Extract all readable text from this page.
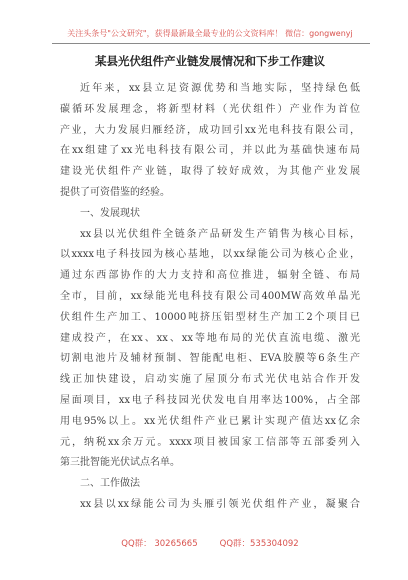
关注头条号"公文研究"，获得最新最全最专业的公文资料库！ 微信：gongwenyj
某县光伏组件产业链发展情况和下步工作建议
近年来，xx县立足资源优势和当地实际，坚持绿色低
碳循环发展理念，将新型材料（光伏组件）产业作为首位
产业，大力发展归雁经济，成功回引xx光电科技有限公司，
在xx组建了xx光电科技有限公司，并以此为基础快速布局
建设光伏组件产业链，取得了较好成效，为其他产业发展
提供了可资借鉴的经验。
一、发展现状
xx县以光伏组件全链条产品研发生产销售为核心目标，
以xxxx电子科技园为核心基地，以xx绿能公司为核心企业，
通过东西部协作的大力支持和高位推进，辐射全链、布局
全市，目前，xx绿能光电科技有限公司400MW高效单晶光
伏组件生产加工、10000吨挤压铝型材生产加工2个项目已
建成投产，在xx、xx、xx等地布局的光伏直流电缆、激光
切割电池片及辅材预制、智能配电柜、EVA胶膜等6条生产
线正加快建设，启动实施了屋顶分布式光伏电站合作开发
屋面项目，xx电子科技园光伏发电自用率达100%，占全部
用电95%以上。xx光伏组件产业已累计实现产值达xx亿余
元，纳税xx余万元。xxxx项目被国家工信部等五部委列入
第三批智能光伏试点名单。
二、工作做法
xx县以xx绿能公司为头雁引领光伏组件产业，凝聚合
QQ群： 30265665	QQ群：535304092
